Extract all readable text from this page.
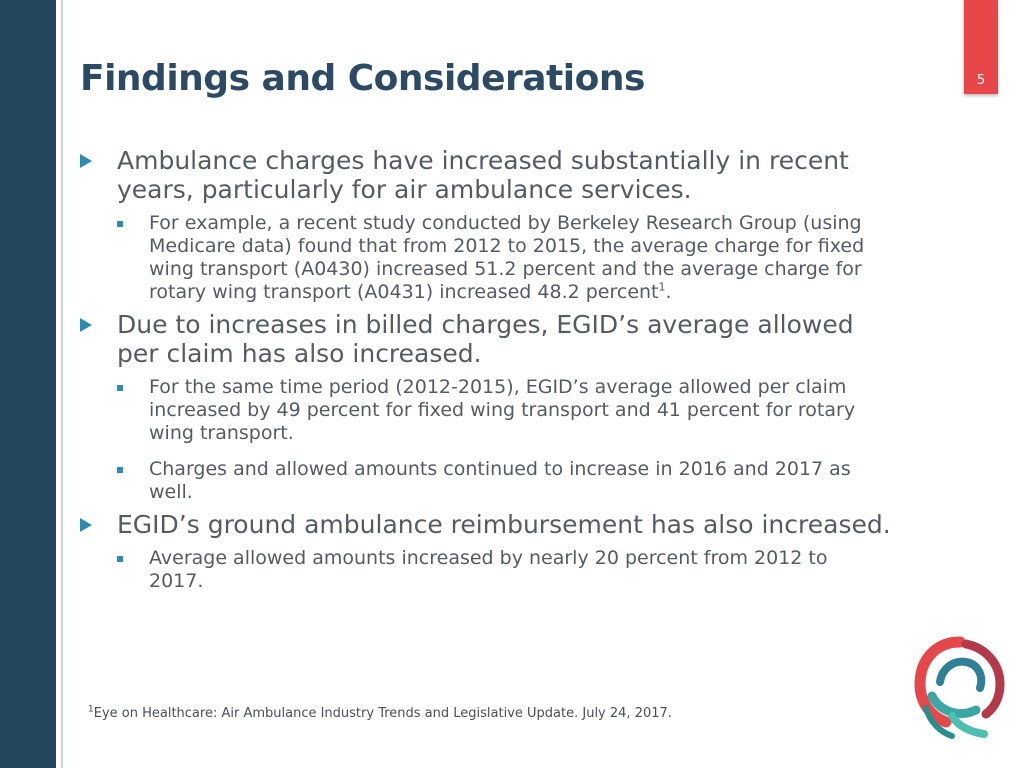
5
Findings and Considerations
Ambulance charges have increased substantially in recent years, particularly for air ambulance services.
For example, a recent study conducted by Berkeley Research Group (using Medicare data) found that from 2012 to 2015, the average charge for fixed wing transport (A0430) increased 51.2 percent and the average charge for rotary wing transport (A0431) increased 48.2 percent$^1$.
Due to increases in billed charges, EGID’s average allowed per claim has also increased.
For the same time period (2012-2015), EGID’s average allowed per claim increased by 49 percent for fixed wing transport and 41 percent for rotary wing transport.
Charges and allowed amounts continued to increase in 2016 and 2017 as well.
EGID’s ground ambulance reimbursement has also increased.
Average allowed amounts increased by nearly 20 percent from 2012 to 2017.
$^1$Eye on Healthcare: Air Ambulance Industry Trends and Legislative Update. July 24, 2017.
